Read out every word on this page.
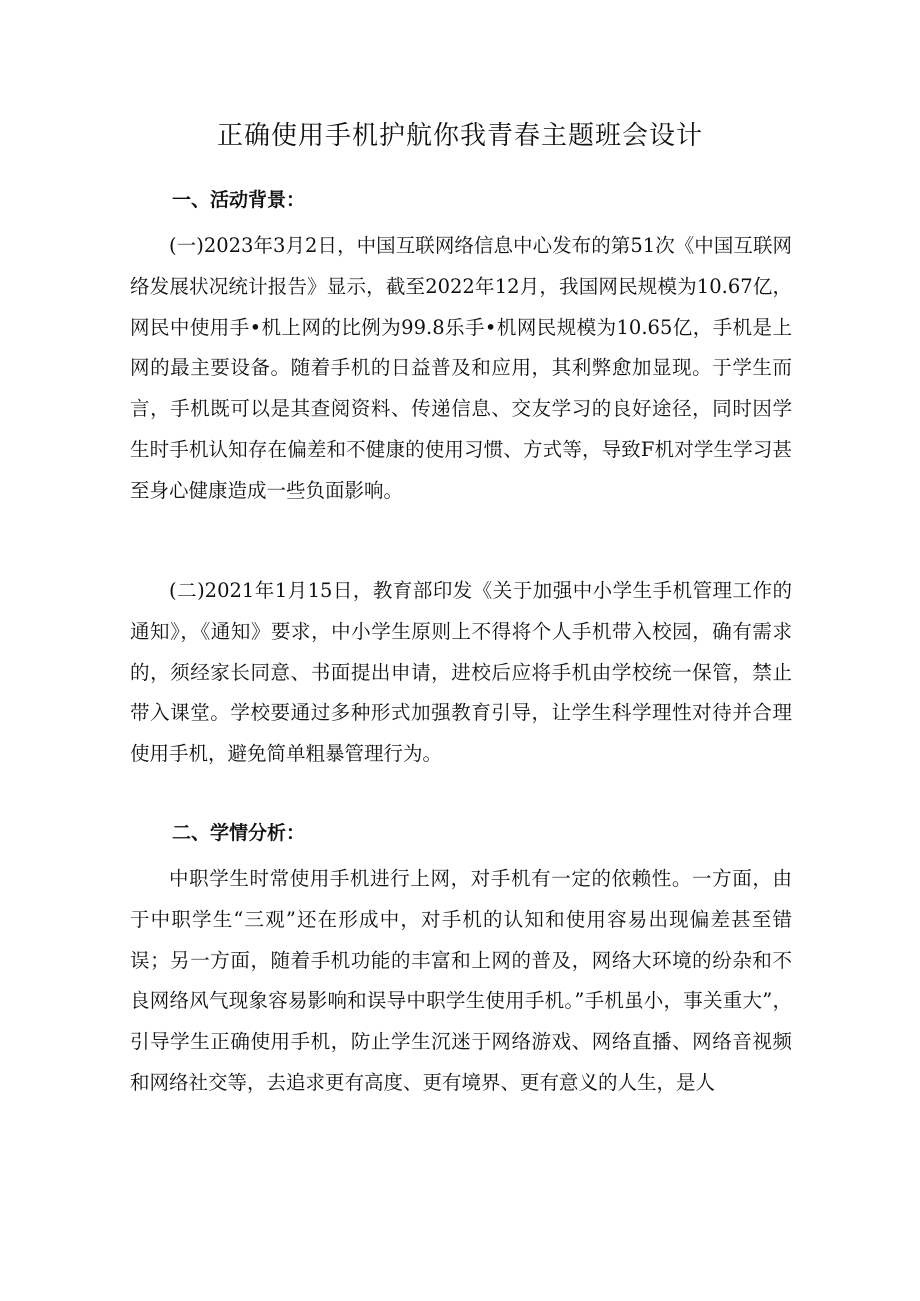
正确使用手机护航你我青春主题班会设计
一、活动背景：

(一)2023年3月2日，中国互联网络信息中心发布的第51次《中国互联网络发展状况统计报告》显示，截至2022年12月，我国网民规模为10.67亿，网民中使用手•机上网的比例为99.8乐手•机网民规模为10.65亿，手机是上网的最主要设备。随着手机的日益普及和应用，其利弊愈加显现。于学生而言，手机既可以是其查阅资料、传递信息、交友学习的良好途径，同时因学生时手机认知存在偏差和不健康的使用习惯、方式等，导致F机对学生学习甚至身心健康造成一些负面影响。

(二)2021年1月15日，教育部印发《关于加强中小学生手机管理工作的通知》，《通知》要求，中小学生原则上不得将个人手机带入校园，确有需求的，须经家长同意、书面提出申请，进校后应将手机由学校统一保管，禁止带入课堂。学校要通过多种形式加强教育引导，让学生科学理性对待并合理使用手机，避免简单粗暴管理行为。

二、学情分析：

中职学生时常使用手机进行上网，对手机有一定的依赖性。一方面，由于中职学生“三观”还在形成中，对手机的认知和使用容易出现偏差甚至错误；另一方面，随着手机功能的丰富和上网的普及，网络大环境的纷杂和不良网络风气现象容易影响和误导中职学生使用手机。”手机虽小，事关重大”，引导学生正确使用手机，防止学生沉迷于网络游戏、网络直播、网络音视频和网络社交等，去追求更有高度、更有境界、更有意义的人生，是人
